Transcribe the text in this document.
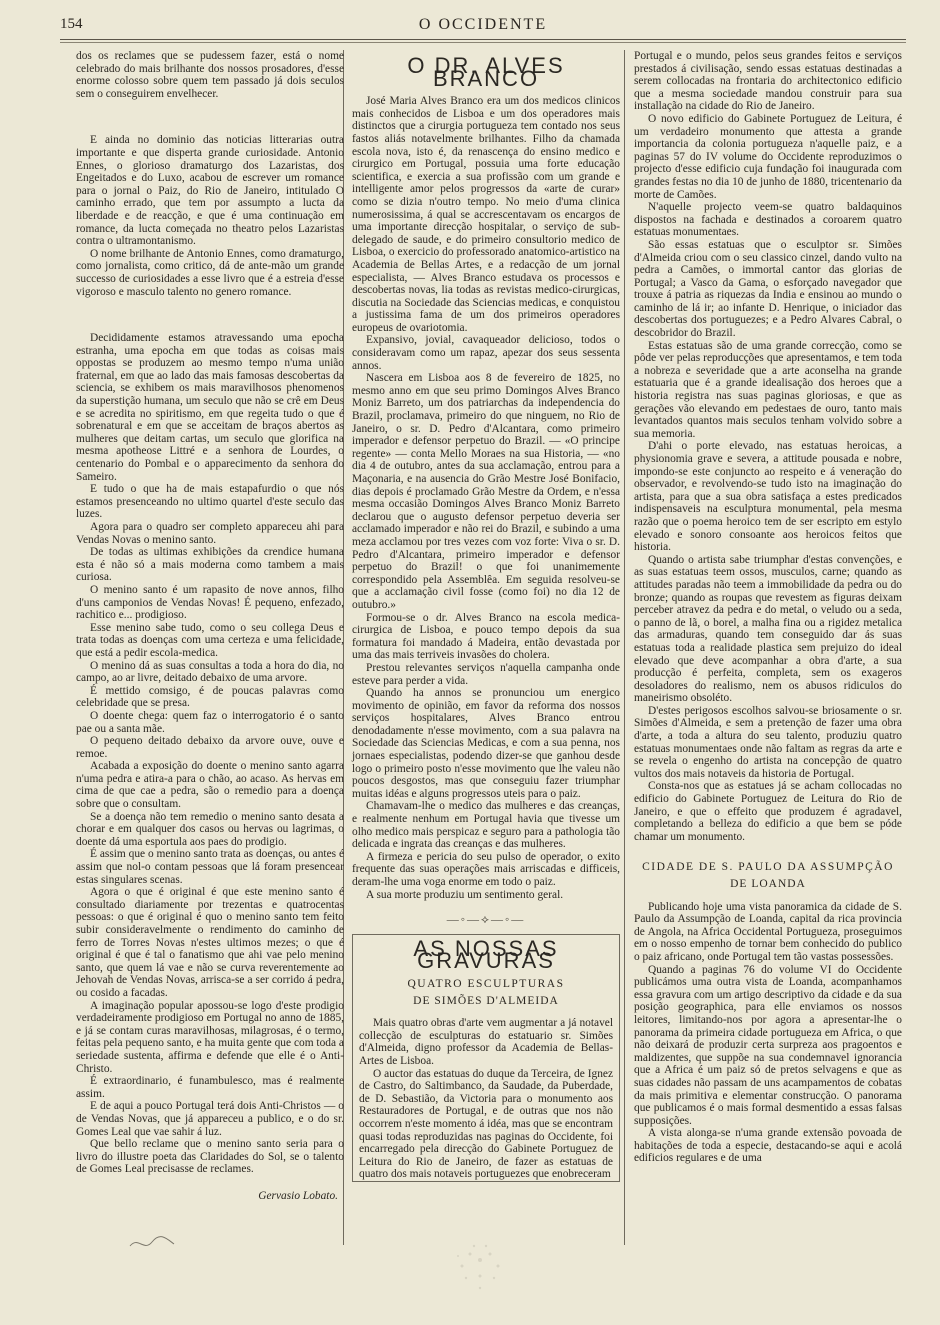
154	O OCCIDENTE

dos os reclames que se pudessem fazer, está o nome celebrado do mais brilhante dos nossos prosadores, d'esse enorme colosso sobre quem tem passado já dois seculos sem o conseguirem envelhecer.

E ainda no dominio das noticias litterarias outra importante e que disperta grande curiosidade. Antonio Ennes, o glorioso dramaturgo dos Lazaristas, dos Engeitados e do Luxo, acabou de escrever um romance para o jornal o Paiz, do Rio de Janeiro, intitulado O caminho errado, que tem por assumpto a lucta da liberdade e de reacção, e que é uma continuação em romance, da lucta começada no theatro pelos Lazaristas contra o ultramontanismo.

O nome brilhante de Antonio Ennes, como dramaturgo, como jornalista, como critico, dá de ante-mão um grande successo de curiosidades a esse livro que é a estreia d'esse vigoroso e masculo talento no genero romance.

Decididamente estamos atravessando uma epocha estranha, uma epocha em que todas as coisas mais oppostas se produzem ao mesmo tempo n'uma união fraternal, em que ao lado das mais famosas descobertas da sciencia, se exhibem os mais maravilhosos phenomenos da superstição humana, um seculo que não se crê em Deus e se acredita no spiritismo, em que regeita tudo o que é sobrenatural e em que se acceitam de braços abertos as mulheres que deitam cartas, um seculo que glorifica na mesma apotheose Littré e a senhora de Lourdes, o centenario do Pombal e o apparecimento da senhora do Sameiro.

E tudo o que ha de mais estapafurdio o que nós estamos presenceando no ultimo quartel d'este seculo das luzes.

Agora para o quadro ser completo appareceu ahi para Vendas Novas o menino santo.

De todas as ultimas exhibições da crendice humana esta é não só a mais moderna como tambem a mais curiosa.

O menino santo é um rapasito de nove annos, filho d'uns camponios de Vendas Novas! É pequeno, enfezado, rachitico e... prodigioso.

Esse menino sabe tudo, como o seu collega Deus e trata todas as doenças com uma certeza e uma felicidade, que está a pedir escola-medica.

O menino dá as suas consultas a toda a hora do dia, no campo, ao ar livre, deitado debaixo de uma arvore.

É mettido comsigo, é de poucas palavras como celebridade que se presa.

O doente chega: quem faz o interrogatorio é o santo pae ou a santa mãe.

O pequeno deitado debaixo da arvore ouve, ouve e remoe.

Acabada a exposição do doente o menino santo agarra n'uma pedra e atira-a para o chão, ao acaso. As hervas em cima de que cae a pedra, são o remedio para a doença sobre que o consultam.

Se a doença não tem remedio o menino santo desata a chorar e em qualquer dos casos ou hervas ou lagrimas, o doente dá uma esportula aos paes do prodigio.

É assim que o menino santo trata as doenças, ou antes é assim que nol-o contam pessoas que lá foram presencear estas singulares scenas.

Agora o que é original é que este menino santo é consultado diariamente por trezentas e quatrocentas pessoas: o que é original é quo o menino santo tem feito subir consideravelmente o rendimento do caminho de ferro de Torres Novas n'estes ultimos mezes; o que é original é que é tal o fanatismo que ahi vae pelo menino santo, que quem lá vae e não se curva reverentemente ao Jehovah de Vendas Novas, arrisca-se a ser corrido á pedra, ou cosido a facadas.

A imaginação popular apossou-se logo d'este prodigio verdadeiramente prodigioso em Portugal no anno de 1885, e já se contam curas maravilhosas, milagrosas, é o termo, feitas pela pequeno santo, e ha muita gente que com toda a seriedade sustenta, affirma e defende que elle é o Anti-Christo.

É extraordinario, é funambulesco, mas é realmente assim.

E de aqui a pouco Portugal terá dois Anti-Christos — o de Vendas Novas, que já appareceu a publico, e o do sr. Gomes Leal que vae sahir á luz.

Que bello reclame que o menino santo seria para o livro do illustre poeta das Claridades do Sol, se o talento de Gomes Leal precisasse de reclames.

Gervasio Lobato.
O DR. ALVES BRANCO

José Maria Alves Branco era um dos medicos clinicos mais conhecidos de Lisboa e um dos operadores mais distinctos que a cirurgia portugueza tem contado nos seus fastos aliás notavelmente brilhantes. Filho da chamada escola nova, isto é, da renascença do ensino medico e cirurgico em Portugal, possuia uma forte educação scientifica, e exercia a sua profissão com um grande e intelligente amor pelos progressos da «arte de curar» como se dizia n'outro tempo. No meio d'uma clinica numerosissima, á qual se accrescentavam os encargos de uma importante direcção hospitalar, o serviço de sub-delegado de saude, e do primeiro consultorio medico de Lisboa, o exercicio do professorado anatomico-artistico na Academia de Bellas Artes, e a redacção de um jornal especialista, — Alves Branco estudava os processos e descobertas novas, lia todas as revistas medico-cirurgicas, discutia na Sociedade das Sciencias medicas, e conquistou a justissima fama de um dos primeiros operadores europeus de ovariotomia.

Expansivo, jovial, cavaqueador delicioso, todos o consideravam como um rapaz, apezar dos seus sessenta annos.

Nascera em Lisboa aos 8 de fevereiro de 1825, no mesmo anno em que seu primo Domingos Alves Branco Moniz Barreto, um dos patriarchas da independencia do Brazil, proclamava, primeiro do que ninguem, no Rio de Janeiro, o sr. D. Pedro d'Alcantara, como primeiro imperador e defensor perpetuo do Brazil. — «O principe regente» — conta Mello Moraes na sua Historia, — «no dia 4 de outubro, antes da sua acclamação, entrou para a Maçonaria, e na ausencia do Grão Mestre José Bonifacio, dias depois é proclamado Grão Mestre da Ordem, e n'essa mesma occasião Domingos Alves Branco Moniz Barreto declarou que o augusto defensor perpetuo deveria ser acclamado imperador e não rei do Brazil, e subindo a uma meza acclamou por tres vezes com voz forte: Viva o sr. D. Pedro d'Alcantara, primeiro imperador e defensor perpetuo do Brazil! o que foi unanimemente correspondido pela Assemblêa. Em seguida resolveu-se que a acclamação civil fosse (como foi) no dia 12 de outubro.»

Formou-se o dr. Alves Branco na escola medica-cirurgica de Lisboa, e pouco tempo depois da sua formatura foi mandado á Madeira, então devastada por uma das mais terriveis invasões do cholera.

Prestou relevantes serviços n'aquella campanha onde esteve para perder a vida.

Quando ha annos se pronunciou um energico movimento de opinião, em favor da reforma dos nossos serviços hospitalares, Alves Branco entrou denodadamente n'esse movimento, com a sua palavra na Sociedade das Sciencias Medicas, e com a sua penna, nos jornaes especialistas, podendo dizer-se que ganhou desde logo o primeiro posto n'esse movimento que lhe valeu não poucos desgostos, mas que conseguiu fazer triumphar muitas idéas e alguns progressos uteis para o paiz.

Chamavam-lhe o medico das mulheres e das creanças, e realmente nenhum em Portugal havia que tivesse um olho medico mais perspicaz e seguro para a pathologia tão delicada e ingrata das creanças e das mulheres.

A firmeza e pericia do seu pulso de operador, o exito frequente das suas operações mais arriscadas e difficeis, deram-lhe uma voga enorme em todo o paiz.

A sua morte produziu um sentimento geral.

—◦—⟡—◦—
AS NOSSAS GRAVURAS
QUATRO ESCULPTURAS
DE SIMÕES D'ALMEIDA

Mais quatro obras d'arte vem augmentar a já notavel collecção de esculpturas do estatuario sr. Simões d'Almeida, digno professor da Academia de Bellas-Artes de Lisboa.

O auctor das estatuas do duque da Terceira, de Ignez de Castro, do Saltimbanco, da Saudade, da Puberdade, de D. Sebastião, da Victoria para o monumento aos Restauradores de Portugal, e de outras que nos não occorrem n'este momento á idéa, mas que se encontram quasi todas reproduzidas nas paginas do Occidente, foi encarregado pela direcção do Gabinete Portuguez de Leitura do Rio de Janeiro, de fazer as estatuas de quatro dos mais notaveis portuguezes que enobreceram

Portugal e o mundo, pelos seus grandes feitos e serviços prestados á civilisação, sendo essas estatuas destinadas a serem collocadas na frontaria do architectonico edificio que a mesma sociedade mandou construir para sua installação na cidade do Rio de Janeiro.

O novo edificio do Gabinete Portuguez de Leitura, é um verdadeiro monumento que attesta a grande importancia da colonia portugueza n'aquelle paiz, e a paginas 57 do IV volume do Occidente reproduzimos o projecto d'esse edificio cuja fundação foi inaugurada com grandes festas no dia 10 de junho de 1880, tricentenario da morte de Camões.

N'aquelle projecto veem-se quatro baldaquinos dispostos na fachada e destinados a coroarem quatro estatuas monumentaes.

São essas estatuas que o esculptor sr. Simões d'Almeida criou com o seu classico cinzel, dando vulto na pedra a Camões, o immortal cantor das glorias de Portugal; a Vasco da Gama, o esforçado navegador que trouxe á patria as riquezas da India e ensinou ao mundo o caminho de lá ir; ao infante D. Henrique, o iniciador das descobertas dos portuguezes; e a Pedro Alvares Cabral, o descobridor do Brazil.

Estas estatuas são de uma grande correcção, como se pôde ver pelas reproducções que apresentamos, e tem toda a nobreza e severidade que a arte aconselha na grande estatuaria que é a grande idealisação dos heroes que a historia registra nas suas paginas gloriosas, e que as gerações vão elevando em pedestaes de ouro, tanto mais levantados quantos mais seculos tenham volvido sobre a sua memoria.

D'ahi o porte elevado, nas estatuas heroicas, a physionomia grave e severa, a attitude pousada e nobre, impondo-se este conjuncto ao respeito e á veneração do observador, e revolvendo-se tudo isto na imaginação do artista, para que a sua obra satisfaça a estes predicados indispensaveis na esculptura monumental, pela mesma razão que o poema heroico tem de ser escripto em estylo elevado e sonoro consoante aos heroicos feitos que historia.

Quando o artista sabe triumphar d'estas convenções, e as suas estatuas teem ossos, musculos, carne; quando as attitudes paradas não teem a immobilidade da pedra ou do bronze; quando as roupas que revestem as figuras deixam perceber atravez da pedra e do metal, o veludo ou a seda, o panno de lã, o borel, a malha fina ou a rigidez metalica das armaduras, quando tem conseguido dar ás suas estatuas toda a realidade plastica sem prejuizo do ideal elevado que deve acompanhar a obra d'arte, a sua producção é perfeita, completa, sem os exageros desoladores do realismo, nem os abusos ridiculos do maneirismo obsoléto.

D'estes perigosos escolhos salvou-se briosamente o sr. Simões d'Almeida, e sem a pretenção de fazer uma obra d'arte, a toda a altura do seu talento, produziu quatro estatuas monumentaes onde não faltam as regras da arte e se revela o engenho do artista na concepção de quatro vultos dos mais notaveis da historia de Portugal.

Consta-nos que as estatues já se acham collocadas no edificio do Gabinete Portuguez de Leitura do Rio de Janeiro, e que o effeito que produzem é agradavel, completando a belleza do edificio a que bem se póde chamar um monumento.

CIDADE DE S. PAULO DA ASSUMPÇÃO
DE LOANDA

Publicando hoje uma vista panoramica da cidade de S. Paulo da Assumpção de Loanda, capital da rica provincia de Angola, na Africa Occidental Portugueza, proseguimos em o nosso empenho de tornar bem conhecido do publico o paiz africano, onde Portugal tem tão vastas possessões.

Quando a paginas 76 do volume VI do Occidente publicámos uma outra vista de Loanda, acompanhamos essa gravura com um artigo descriptivo da cidade e da sua posição geographica, para elle enviamos os nossos leitores, limitando-nos por agora a apresentar-lhe o panorama da primeira cidade portugueza em Africa, o que não deixará de produzir certa surpreza aos pragoentos e maldizentes, que suppõe na sua condemnavel ignorancia que a Africa é um paiz só de pretos selvagens e que as suas cidades não passam de uns acampamentos de cobatas da mais primitiva e elementar construcção. O panorama que publicamos é o mais formal desmentido a essas falsas supposições.

A vista alonga-se n'uma grande extensão povoada de habitações de toda a especie, destacando-se aqui e acolá edificios regulares e de uma
